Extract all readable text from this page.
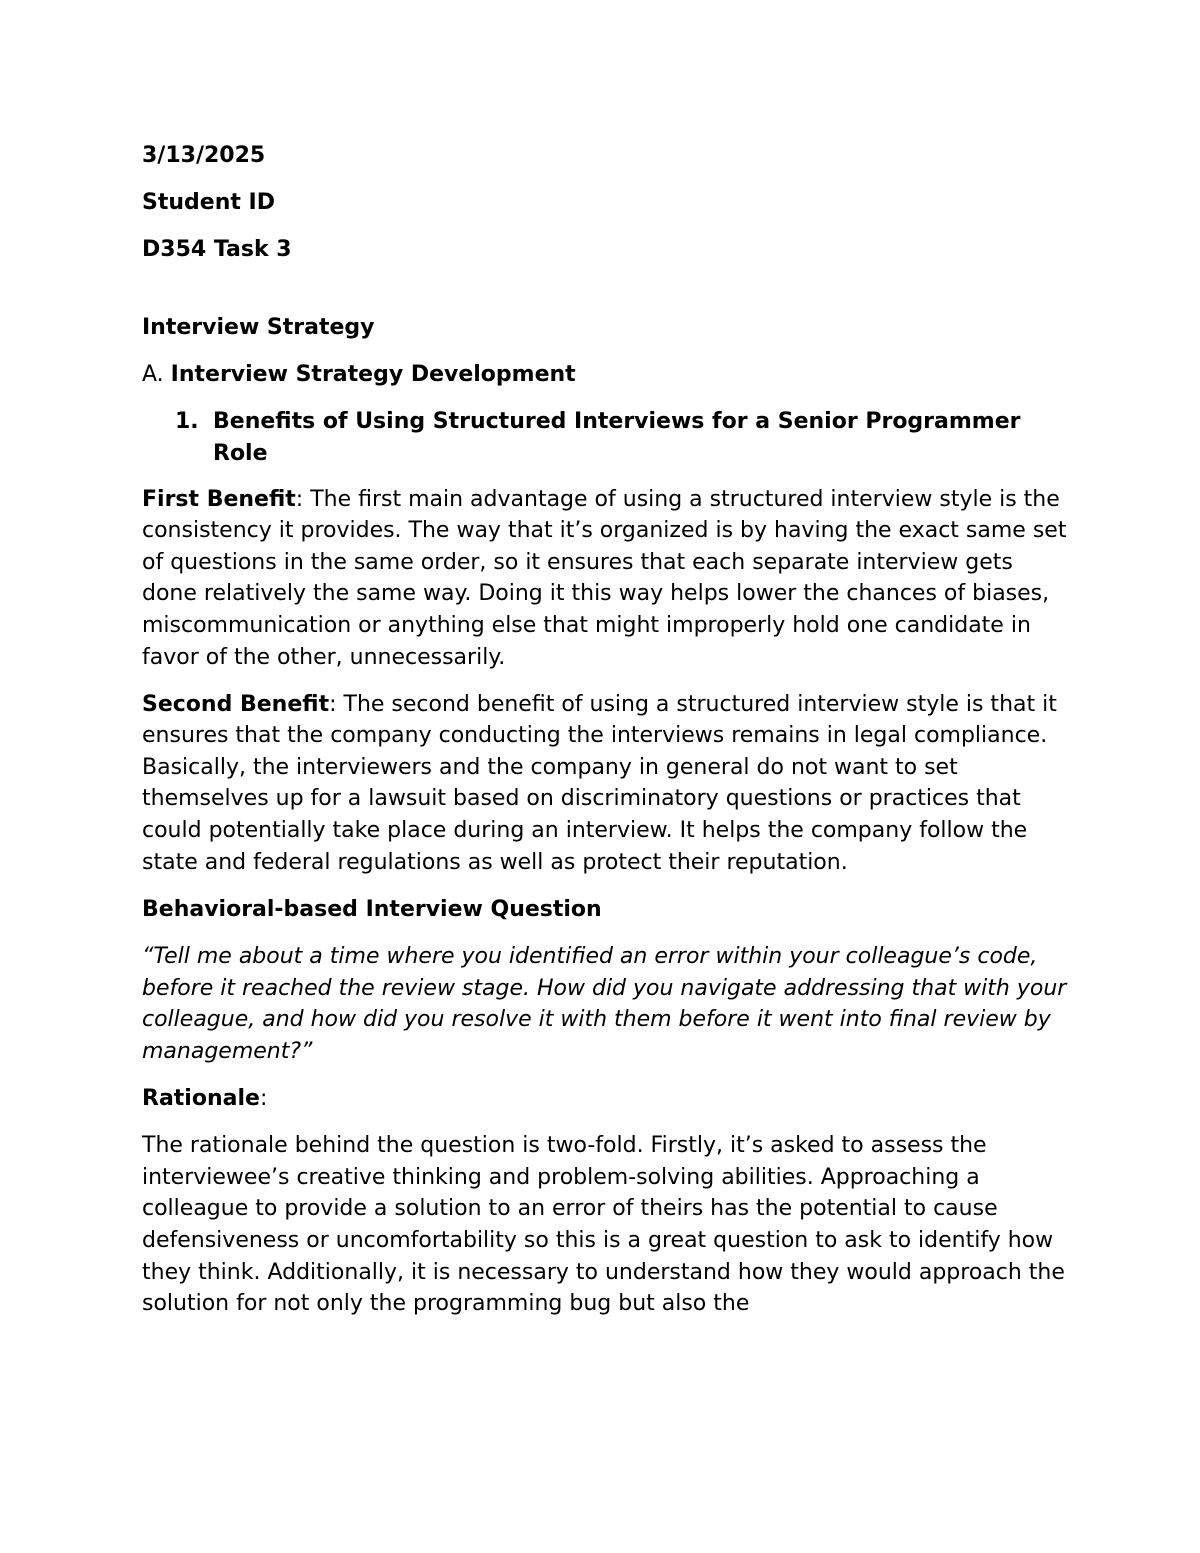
3/13/2025

Student ID

D354 Task 3

Interview Strategy

A. Interview Strategy Development

1. Benefits of Using Structured Interviews for a Senior Programmer Role

First Benefit: The first main advantage of using a structured interview style is the consistency it provides. The way that it’s organized is by having the exact same set of questions in the same order, so it ensures that each separate interview gets done relatively the same way. Doing it this way helps lower the chances of biases, miscommunication or anything else that might improperly hold one candidate in favor of the other, unnecessarily.

Second Benefit: The second benefit of using a structured interview style is that it ensures that the company conducting the interviews remains in legal compliance. Basically, the interviewers and the company in general do not want to set themselves up for a lawsuit based on discriminatory questions or practices that could potentially take place during an interview. It helps the company follow the state and federal regulations as well as protect their reputation.

Behavioral-based Interview Question

“Tell me about a time where you identified an error within your colleague’s code, before it reached the review stage. How did you navigate addressing that with your colleague, and how did you resolve it with them before it went into final review by management?”

Rationale:

The rationale behind the question is two-fold. Firstly, it’s asked to assess the interviewee’s creative thinking and problem-solving abilities. Approaching a colleague to provide a solution to an error of theirs has the potential to cause defensiveness or uncomfortability so this is a great question to ask to identify how they think. Additionally, it is necessary to understand how they would approach the solution for not only the programming bug but also the
